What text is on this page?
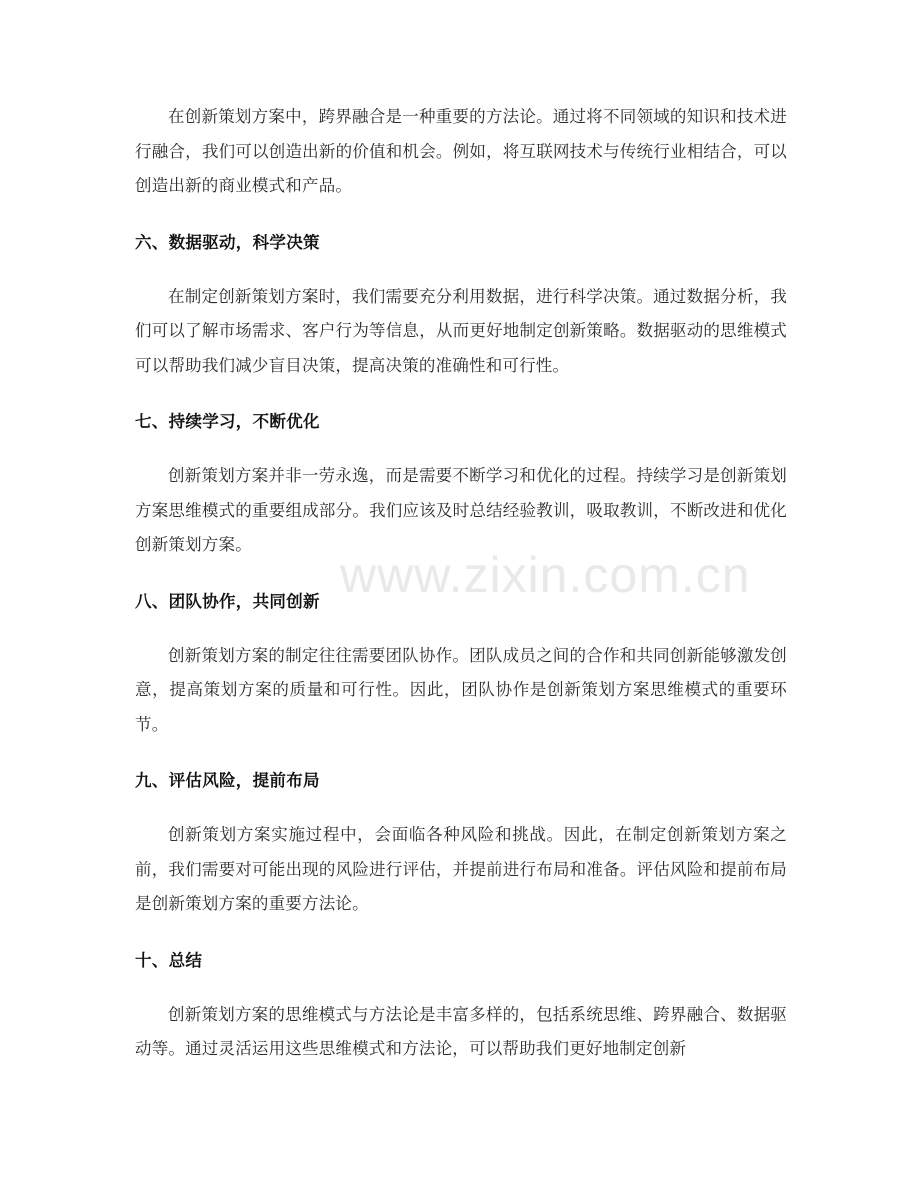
在创新策划方案中，跨界融合是一种重要的方法论。通过将不同领域的知识和技术进行融合，我们可以创造出新的价值和机会。例如，将互联网技术与传统行业相结合，可以创造出新的商业模式和产品。

六、数据驱动，科学决策

在制定创新策划方案时，我们需要充分利用数据，进行科学决策。通过数据分析，我们可以了解市场需求、客户行为等信息，从而更好地制定创新策略。数据驱动的思维模式可以帮助我们减少盲目决策，提高决策的准确性和可行性。

七、持续学习，不断优化

创新策划方案并非一劳永逸，而是需要不断学习和优化的过程。持续学习是创新策划方案思维模式的重要组成部分。我们应该及时总结经验教训，吸取教训，不断改进和优化创新策划方案。

八、团队协作，共同创新

创新策划方案的制定往往需要团队协作。团队成员之间的合作和共同创新能够激发创意，提高策划方案的质量和可行性。因此，团队协作是创新策划方案思维模式的重要环节。

九、评估风险，提前布局

创新策划方案实施过程中，会面临各种风险和挑战。因此，在制定创新策划方案之前，我们需要对可能出现的风险进行评估，并提前进行布局和准备。评估风险和提前布局是创新策划方案的重要方法论。

十、总结

创新策划方案的思维模式与方法论是丰富多样的，包括系统思维、跨界融合、数据驱动等。通过灵活运用这些思维模式和方法论，可以帮助我们更好地制定创新

www.zixin.com.cn
